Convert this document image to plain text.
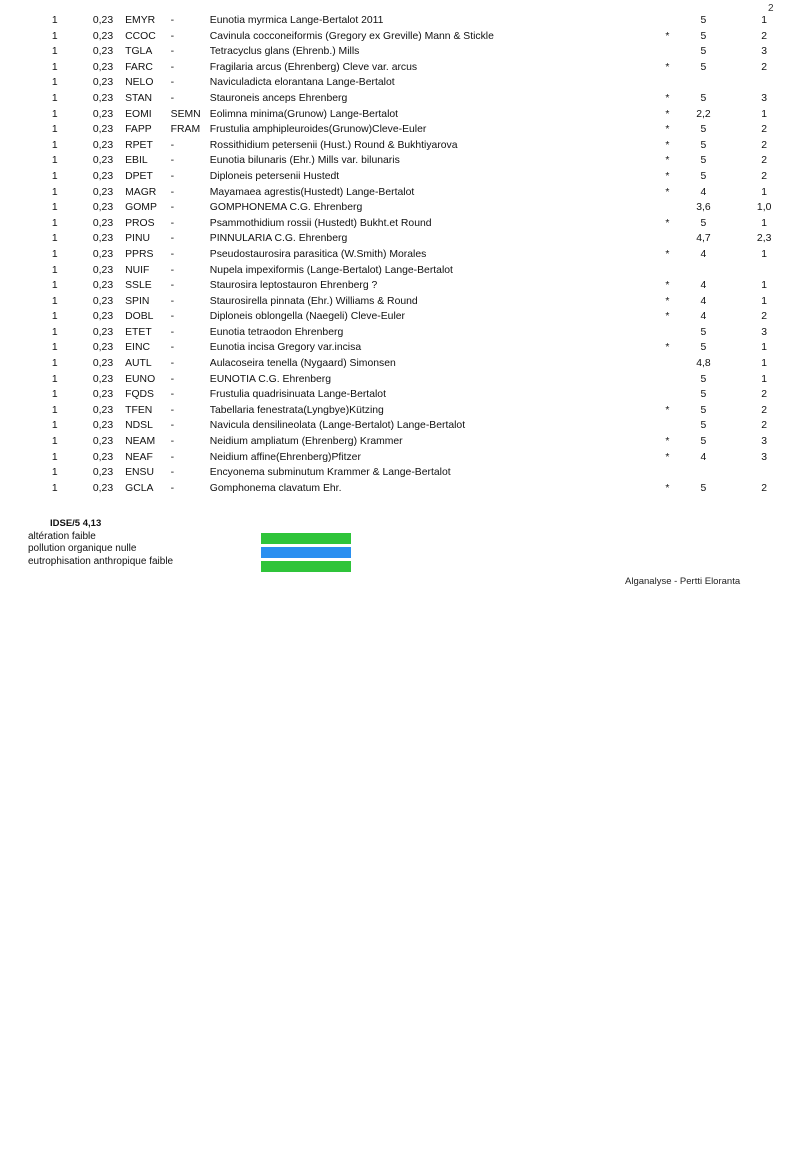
2
1	0,23	EMYR	-	Eunotia myrmica Lange-Bertalot 2011		5	1
1	0,23	CCOC	-	Cavinula cocconeiformis (Gregory ex Greville) Mann & Stickle	*	5	2
1	0,23	TGLA	-	Tetracyclus glans (Ehrenb.) Mills		5	3
1	0,23	FARC	-	Fragilaria arcus (Ehrenberg) Cleve var. arcus	*	5	2
1	0,23	NELO	-	Naviculadicta elorantana Lange-Bertalot			
1	0,23	STAN	-	Stauroneis anceps Ehrenberg	*	5	3
1	0,23	EOMI	SEMN	Eolimna minima(Grunow) Lange-Bertalot	*	2,2	1
1	0,23	FAPP	FRAM	Frustulia amphipleuroides(Grunow)Cleve-Euler	*	5	2
1	0,23	RPET	-	Rossithidium petersenii (Hust.) Round & Bukhtiyarova	*	5	2
1	0,23	EBIL	-	Eunotia bilunaris (Ehr.) Mills var. bilunaris	*	5	2
1	0,23	DPET	-	Diploneis petersenii Hustedt	*	5	2
1	0,23	MAGR	-	Mayamaea agrestis(Hustedt) Lange-Bertalot	*	4	1
1	0,23	GOMP	-	GOMPHONEMA C.G. Ehrenberg		3,6	1,0
1	0,23	PROS	-	Psammothidium rossii (Hustedt) Bukht.et Round	*	5	1
1	0,23	PINU	-	PINNULARIA C.G. Ehrenberg		4,7	2,3
1	0,23	PPRS	-	Pseudostaurosira parasitica (W.Smith) Morales	*	4	1
1	0,23	NUIF	-	Nupela impexiformis (Lange-Bertalot) Lange-Bertalot			
1	0,23	SSLE	-	Staurosira leptostauron Ehrenberg ?	*	4	1
1	0,23	SPIN	-	Staurosirella pinnata (Ehr.) Williams & Round	*	4	1
1	0,23	DOBL	-	Diploneis oblongella (Naegeli) Cleve-Euler	*	4	2
1	0,23	ETET	-	Eunotia tetraodon Ehrenberg		5	3
1	0,23	EINC	-	Eunotia incisa Gregory var.incisa	*	5	1
1	0,23	AUTL	-	Aulacoseira tenella (Nygaard) Simonsen		4,8	1
1	0,23	EUNO	-	EUNOTIA C.G. Ehrenberg		5	1
1	0,23	FQDS	-	Frustulia quadrisinuata Lange-Bertalot		5	2
1	0,23	TFEN	-	Tabellaria fenestrata(Lyngbye)Kützing	*	5	2
1	0,23	NDSL	-	Navicula densilineolata (Lange-Bertalot) Lange-Bertalot		5	2
1	0,23	NEAM	-	Neidium ampliatum (Ehrenberg) Krammer	*	5	3
1	0,23	NEAF	-	Neidium affine(Ehrenberg)Pfitzer	*	4	3
1	0,23	ENSU	-	Encyonema subminutum Krammer & Lange-Bertalot			
1	0,23	GCLA	-	Gomphonema clavatum Ehr.	*	5	2
IDSE/5 4,13
altération faible
pollution organique nulle
eutrophisation anthropique faible
Alganalyse - Pertti Eloranta
